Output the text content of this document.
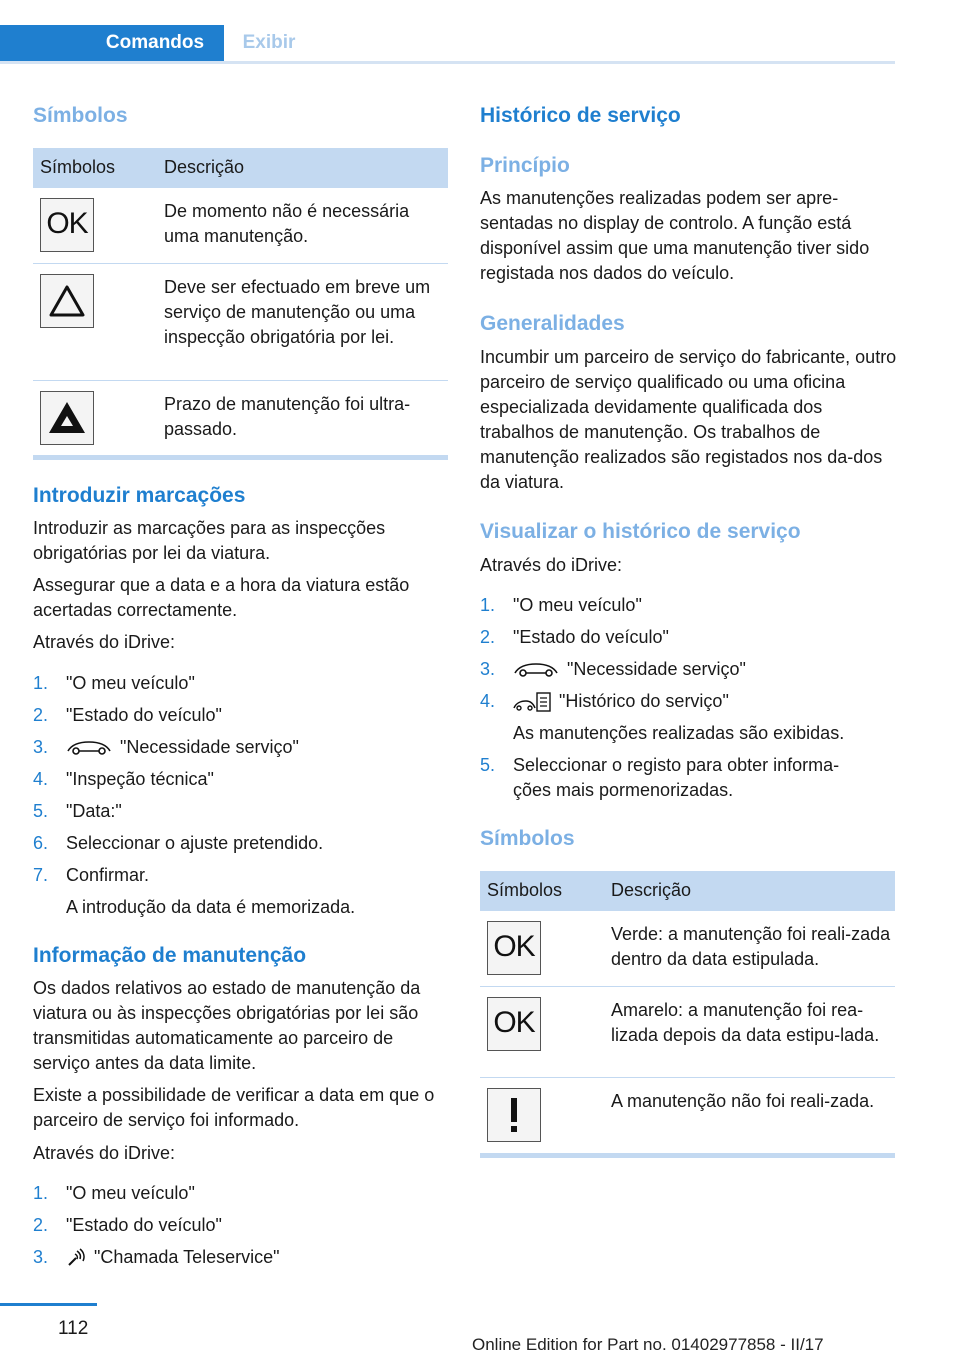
Comandos	Exibir
Símbolos
Símbolos	Descrição
OK	De momento não é necessária uma manutenção.
Deve ser efectuado em breve um serviço de manutenção ou uma inspecção obrigatória por lei.
Prazo de manutenção foi ultra-passado.
Introduzir marcações

Introduzir as marcações para as inspecções obrigatórias por lei da viatura.

Assegurar que a data e a hora da viatura estão acertadas correctamente.

Através do iDrive:

1. "O meu veículo"
2. "Estado do veículo"
3.	"Necessidade serviço"
4. "Inspeção técnica"
5. "Data:"
6. Seleccionar o ajuste pretendido.
7. Confirmar.
A introdução da data é memorizada.
Informação de manutenção

Os dados relativos ao estado de manutenção da viatura ou às inspecções obrigatórias por lei são transmitidas automaticamente ao parceiro de serviço antes da data limite.

Existe a possibilidade de verificar a data em que o parceiro de serviço foi informado.

Através do iDrive:

1. "O meu veículo"
2. "Estado do veículo"
3.	"Chamada Teleservice"
Histórico de serviço
Princípio

As manutenções realizadas podem ser apre-sentadas no display de controlo. A função está disponível assim que uma manutenção tiver sido registada nos dados do veículo.

Generalidades

Incumbir um parceiro de serviço do fabricante, outro parceiro de serviço qualificado ou uma oficina especializada devidamente qualificada dos trabalhos de manutenção. Os trabalhos de manutenção realizados são registados nos da-dos da viatura.

Visualizar o histórico de serviço

Através do iDrive:

1. "O meu veículo"
2. "Estado do veículo"
3.	"Necessidade serviço"
4.	"Histórico do serviço"
As manutenções realizadas são exibidas.
5. Seleccionar o registo para obter informa-
ções mais pormenorizadas.
Símbolos
Símbolos	Descrição
OK	Verde: a manutenção foi reali-zada dentro da data estipulada.
OK	Amarelo: a manutenção foi rea-lizada depois da data estipu-lada.
A manutenção não foi reali-zada.
112
Online Edition for Part no. 01402977858 - II/17
